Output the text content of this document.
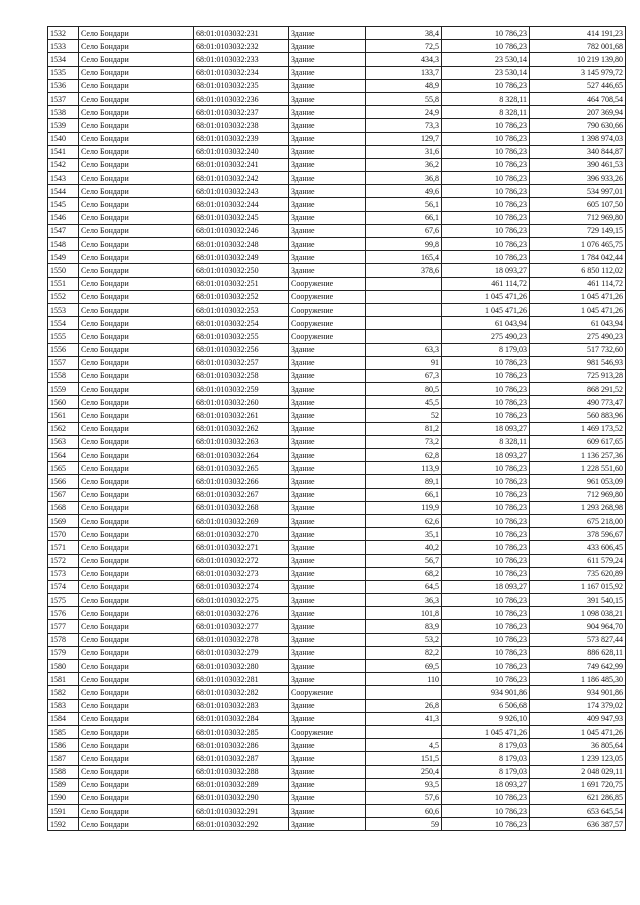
1532	Село Бондари	68:01:0103032:231	Здание	38,4	10 786,23	414 191,23
1533	Село Бондари	68:01:0103032:232	Здание	72,5	10 786,23	782 001,68
1534	Село Бондари	68:01:0103032:233	Здание	434,3	23 530,14	10 219 139,80
1535	Село Бондари	68:01:0103032:234	Здание	133,7	23 530,14	3 145 979,72
1536	Село Бондари	68:01:0103032:235	Здание	48,9	10 786,23	527 446,65
1537	Село Бондари	68:01:0103032:236	Здание	55,8	8 328,11	464 708,54
1538	Село Бондари	68:01:0103032:237	Здание	24,9	8 328,11	207 369,94
1539	Село Бондари	68:01:0103032:238	Здание	73,3	10 786,23	790 630,66
1540	Село Бондари	68:01:0103032:239	Здание	129,7	10 786,23	1 398 974,03
1541	Село Бондари	68:01:0103032:240	Здание	31,6	10 786,23	340 844,87
1542	Село Бондари	68:01:0103032:241	Здание	36,2	10 786,23	390 461,53
1543	Село Бондари	68:01:0103032:242	Здание	36,8	10 786,23	396 933,26
1544	Село Бондари	68:01:0103032:243	Здание	49,6	10 786,23	534 997,01
1545	Село Бондари	68:01:0103032:244	Здание	56,1	10 786,23	605 107,50
1546	Село Бондари	68:01:0103032:245	Здание	66,1	10 786,23	712 969,80
1547	Село Бондари	68:01:0103032:246	Здание	67,6	10 786,23	729 149,15
1548	Село Бондари	68:01:0103032:248	Здание	99,8	10 786,23	1 076 465,75
1549	Село Бондари	68:01:0103032:249	Здание	165,4	10 786,23	1 784 042,44
1550	Село Бондари	68:01:0103032:250	Здание	378,6	18 093,27	6 850 112,02
1551	Село Бондари	68:01:0103032:251	Сооружение		461 114,72	461 114,72
1552	Село Бондари	68:01:0103032:252	Сооружение		1 045 471,26	1 045 471,26
1553	Село Бондари	68:01:0103032:253	Сооружение		1 045 471,26	1 045 471,26
1554	Село Бондари	68:01:0103032:254	Сооружение		61 043,94	61 043,94
1555	Село Бондари	68:01:0103032:255	Сооружение		275 490,23	275 490,23
1556	Село Бондари	68:01:0103032:256	Здание	63,3	8 179,03	517 732,60
1557	Село Бондари	68:01:0103032:257	Здание	91	10 786,23	981 546,93
1558	Село Бондари	68:01:0103032:258	Здание	67,3	10 786,23	725 913,28
1559	Село Бондари	68:01:0103032:259	Здание	80,5	10 786,23	868 291,52
1560	Село Бондари	68:01:0103032:260	Здание	45,5	10 786,23	490 773,47
1561	Село Бондари	68:01:0103032:261	Здание	52	10 786,23	560 883,96
1562	Село Бондари	68:01:0103032:262	Здание	81,2	18 093,27	1 469 173,52
1563	Село Бондари	68:01:0103032:263	Здание	73,2	8 328,11	609 617,65
1564	Село Бондари	68:01:0103032:264	Здание	62,8	18 093,27	1 136 257,36
1565	Село Бондари	68:01:0103032:265	Здание	113,9	10 786,23	1 228 551,60
1566	Село Бондари	68:01:0103032:266	Здание	89,1	10 786,23	961 053,09
1567	Село Бондари	68:01:0103032:267	Здание	66,1	10 786,23	712 969,80
1568	Село Бондари	68:01:0103032:268	Здание	119,9	10 786,23	1 293 268,98
1569	Село Бондари	68:01:0103032:269	Здание	62,6	10 786,23	675 218,00
1570	Село Бондари	68:01:0103032:270	Здание	35,1	10 786,23	378 596,67
1571	Село Бондари	68:01:0103032:271	Здание	40,2	10 786,23	433 606,45
1572	Село Бондари	68:01:0103032:272	Здание	56,7	10 786,23	611 579,24
1573	Село Бондари	68:01:0103032:273	Здание	68,2	10 786,23	735 620,89
1574	Село Бондари	68:01:0103032:274	Здание	64,5	18 093,27	1 167 015,92
1575	Село Бондари	68:01:0103032:275	Здание	36,3	10 786,23	391 540,15
1576	Село Бондари	68:01:0103032:276	Здание	101,8	10 786,23	1 098 038,21
1577	Село Бондари	68:01:0103032:277	Здание	83,9	10 786,23	904 964,70
1578	Село Бондари	68:01:0103032:278	Здание	53,2	10 786,23	573 827,44
1579	Село Бондари	68:01:0103032:279	Здание	82,2	10 786,23	886 628,11
1580	Село Бондари	68:01:0103032:280	Здание	69,5	10 786,23	749 642,99
1581	Село Бондари	68:01:0103032:281	Здание	110	10 786,23	1 186 485,30
1582	Село Бондари	68:01:0103032:282	Сооружение		934 901,86	934 901,86
1583	Село Бондари	68:01:0103032:283	Здание	26,8	6 506,68	174 379,02
1584	Село Бондари	68:01:0103032:284	Здание	41,3	9 926,10	409 947,93
1585	Село Бондари	68:01:0103032:285	Сооружение		1 045 471,26	1 045 471,26
1586	Село Бондари	68:01:0103032:286	Здание	4,5	8 179,03	36 805,64
1587	Село Бондари	68:01:0103032:287	Здание	151,5	8 179,03	1 239 123,05
1588	Село Бондари	68:01:0103032:288	Здание	250,4	8 179,03	2 048 029,11
1589	Село Бондари	68:01:0103032:289	Здание	93,5	18 093,27	1 691 720,75
1590	Село Бондари	68:01:0103032:290	Здание	57,6	10 786,23	621 286,85
1591	Село Бондари	68:01:0103032:291	Здание	60,6	10 786,23	653 645,54
1592	Село Бондари	68:01:0103032:292	Здание	59	10 786,23	636 387,57
